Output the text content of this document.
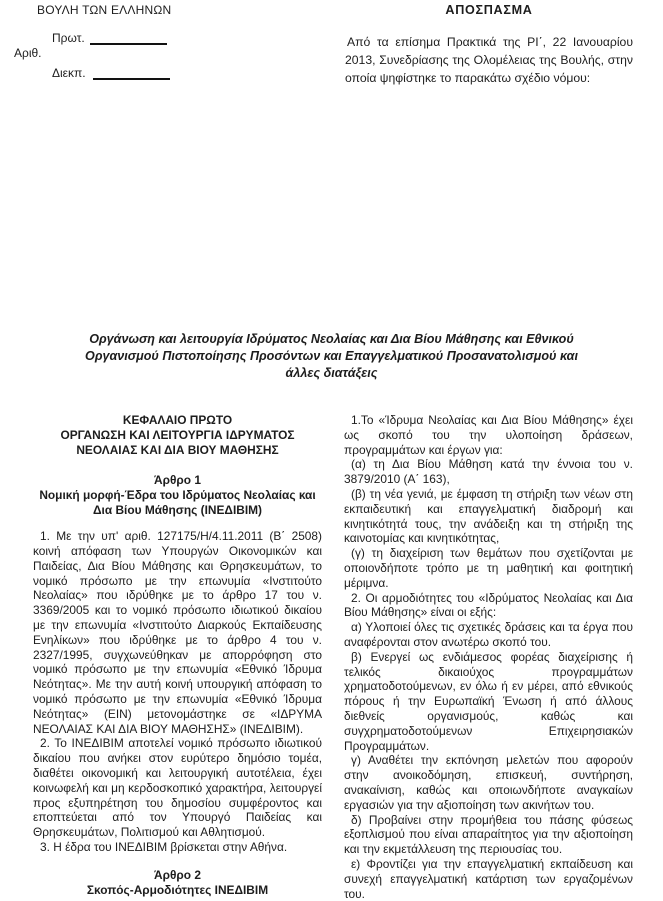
ΒΟΥΛΗ ΤΩΝ ΕΛΛΗΝΩΝ
Πρωτ.
Αριθ.
Διεκπ.
ΑΠΟΣΠΑΣΜΑ

Από τα επίσημα Πρακτικά της ΡΙ΄, 22 Ιανουαρίου 2013, Συνεδρίασης της Ολομέλειας της Βουλής, στην οποία ψηφίστηκε το παρακάτω σχέδιο νόμου:

Οργάνωση και λειτουργία Ιδρύματος Νεολαίας και Δια Βίου Μάθησης και Εθνικού Οργανισμού Πιστοποίησης Προσόντων και Επαγγελματικού Προσανατολισμού και άλλες διατάξεις
ΚΕΦΑΛΑΙΟ ΠΡΩΤΟ
ΟΡΓΑΝΩΣΗ ΚΑΙ ΛΕΙΤΟΥΡΓΙΑ ΙΔΡΥΜΑΤΟΣ ΝΕΟΛΑΙΑΣ ΚΑΙ ΔΙΑ ΒΙΟΥ ΜΑΘΗΣΗΣ
Άρθρο 1
Νομική μορφή-Έδρα του Ιδρύματος Νεολαίας και Δια Βίου Μάθησης (ΙΝΕΔΙΒΙΜ)

1. Με την υπ' αριθ. 127175/Η/4.11.2011 (Β΄ 2508) κοινή απόφαση των Υπουργών Οικονομικών και Παιδείας, Δια Βίου Μάθησης και Θρησκευμάτων, το νομικό πρόσωπο με την επωνυμία «Ινστιτούτο Νεολαίας» που ιδρύθηκε με το άρθρο 17 του ν. 3369/2005 και το νομικό πρόσωπο ιδιωτικού δικαίου με την επωνυμία «Ινστιτούτο Διαρκούς Εκπαίδευσης Ενηλίκων» που ιδρύθηκε με το άρθρο 4 του ν. 2327/1995, συγχωνεύθηκαν με απορρόφηση στο νομικό πρόσωπο με την επωνυμία «Εθνικό Ίδρυμα Νεότητας». Με την αυτή κοινή υπουργική απόφαση το νομικό πρόσωπο με την επωνυμία «Εθνικό Ίδρυμα Νεότητας» (ΕΙΝ) μετονομάστηκε σε «ΙΔΡΥΜΑ ΝΕΟΛΑΙΑΣ ΚΑΙ ΔΙΑ ΒΙΟΥ ΜΑΘΗΣΗΣ» (ΙΝΕΔΙΒΙΜ).

2. Το ΙΝΕΔΙΒΙΜ αποτελεί νομικό πρόσωπο ιδιωτικού δικαίου που ανήκει στον ευρύτερο δημόσιο τομέα, διαθέτει οικονομική και λειτουργική αυτοτέλεια, έχει κοινωφελή και μη κερδοσκοπικό χαρακτήρα, λειτουργεί προς εξυπηρέτηση του δημοσίου συμφέροντος και εποπτεύεται από τον Υπουργό Παιδείας και Θρησκευμάτων, Πολιτισμού και Αθλητισμού.

3. Η έδρα του ΙΝΕΔΙΒΙΜ βρίσκεται στην Αθήνα.

Άρθρο 2
Σκοπός-Αρμοδιότητες ΙΝΕΔΙΒΙΜ

1.Το «Ίδρυμα Νεολαίας και Δια Βίου Μάθησης» έχει ως σκοπό του την υλοποίηση δράσεων, προγραμμάτων και έργων για:

(α) τη Δια Βίου Μάθηση κατά την έννοια του ν. 3879/2010 (Α΄ 163),

(β) τη νέα γενιά, με έμφαση τη στήριξη των νέων στη εκπαιδευτική και επαγγελματική διαδρομή και κινητικότητά τους, την ανάδειξη και τη στήριξη της καινοτομίας και κινητικότητας,

(γ) τη διαχείριση των θεμάτων που σχετίζονται με οποιονδήποτε τρόπο με τη μαθητική και φοιτητική μέριμνα.

2. Οι αρμοδιότητες του «Ιδρύματος Νεολαίας και Δια Βίου Μάθησης» είναι οι εξής:

α) Υλοποιεί όλες τις σχετικές δράσεις και τα έργα που αναφέρονται στον ανωτέρω σκοπό του.

β) Ενεργεί ως ενδιάμεσος φορέας διαχείρισης ή τελικός δικαιούχος προγραμμάτων χρηματοδοτούμενων, εν όλω ή εν μέρει, από εθνικούς πόρους ή την Ευρωπαϊκή Ένωση ή από άλλους διεθνείς οργανισμούς, καθώς και συγχρηματοδοτούμενων Επιχειρησιακών Προγραμμάτων.

γ) Αναθέτει την εκπόνηση μελετών που αφορούν στην ανοικοδόμηση, επισκευή, συντήρηση, ανακαίνιση, καθώς και οποιωνδήποτε αναγκαίων εργασιών για την αξιοποίηση των ακινήτων του.

δ) Προβαίνει στην προμήθεια του πάσης φύσεως εξοπλισμού που είναι απαραίτητος για την αξιοποίηση και την εκμετάλλευση της περιουσίας του.

ε) Φροντίζει για την επαγγελματική εκπαίδευση και συνεχή επαγγελματική κατάρτιση των εργαζομένων του.
